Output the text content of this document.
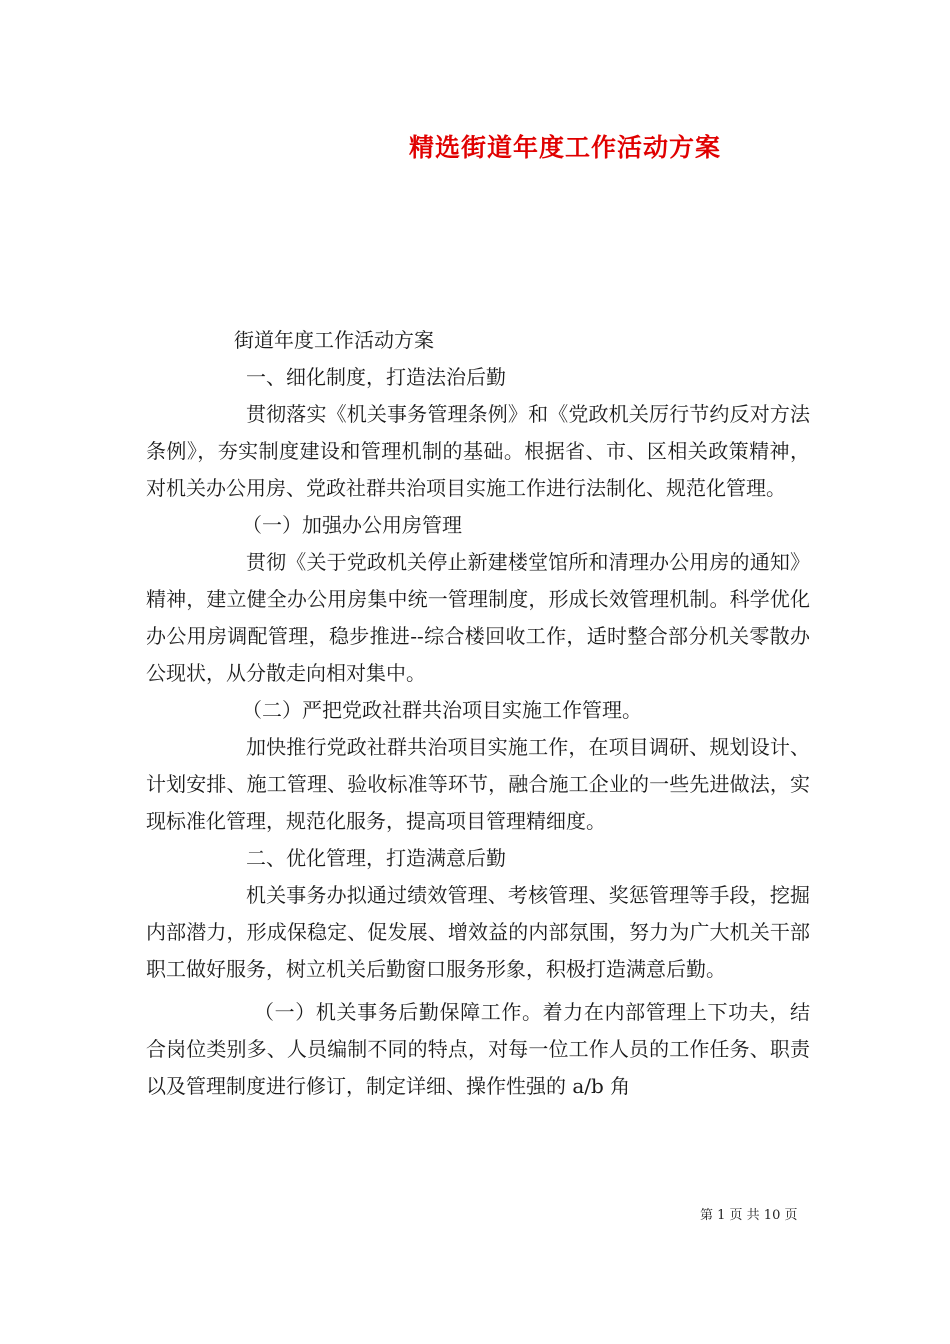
精选街道年度工作活动方案

街道年度工作活动方案

一、细化制度，打造法治后勤

贯彻落实《机关事务管理条例》和《党政机关厉行节约反对方法条例》，夯实制度建设和管理机制的基础。根据省、市、区相关政策精神，对机关办公用房、党政社群共治项目实施工作进行法制化、规范化管理。

（一）加强办公用房管理

贯彻《关于党政机关停止新建楼堂馆所和清理办公用房的通知》精神，建立健全办公用房集中统一管理制度，形成长效管理机制。科学优化办公用房调配管理，稳步推进--综合楼回收工作，适时整合部分机关零散办公现状，从分散走向相对集中。

（二）严把党政社群共治项目实施工作管理。

加快推行党政社群共治项目实施工作，在项目调研、规划设计、计划安排、施工管理、验收标准等环节，融合施工企业的一些先进做法，实现标准化管理，规范化服务，提高项目管理精细度。

二、优化管理，打造满意后勤

机关事务办拟通过绩效管理、考核管理、奖惩管理等手段，挖掘内部潜力，形成保稳定、促发展、增效益的内部氛围，努力为广大机关干部职工做好服务，树立机关后勤窗口服务形象，积极打造满意后勤。

（一）机关事务后勤保障工作。着力在内部管理上下功夫，结合岗位类别多、人员编制不同的特点，对每一位工作人员的工作任务、职责以及管理制度进行修订，制定详细、操作性强的 a/b 角

第 1 页 共 10 页
